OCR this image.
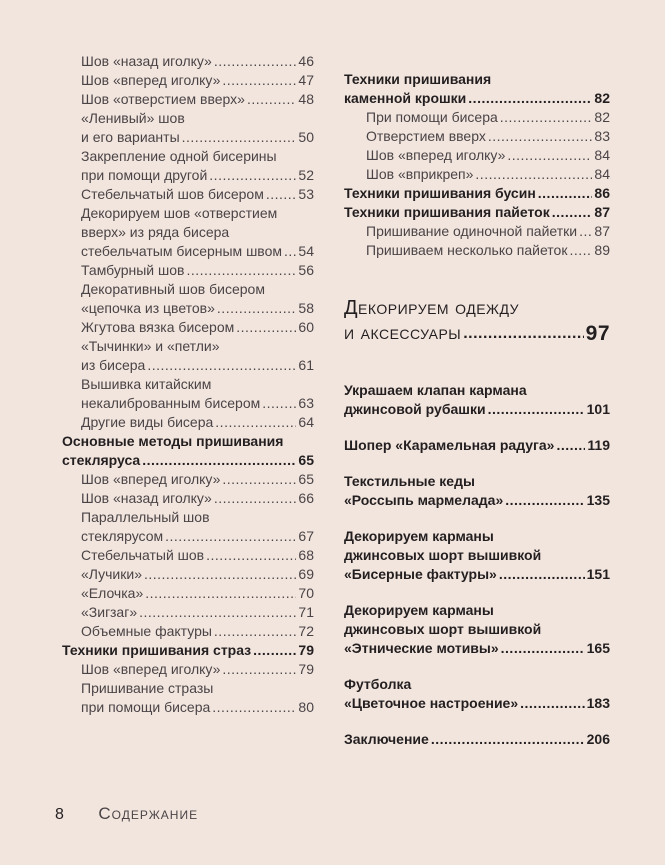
Шов «назад иголку» .....	46
Шов «вперед иголку» .....	47
Шов «отверстием вверх» .....	48
«Ленивый» шов
и его варианты .....	50
Закрепление одной бисерины
при помощи другой .....	52
Стебельчатый шов бисером ..... 53
Декорируем шов «отверстием
вверх» из ряда бисера
стебельчатым бисерным швом ..... 54
Тамбурный шов .....	56
Декоративный шов бисером
«цепочка из цветов» .....	58
Жгутова вязка бисером .....	60
«Тычинки» и «петли»
из бисера .....	61
Вышивка китайским
некалиброванным бисером .....	63
Другие виды бисера .....	64
Основные методы пришивания
стекляруса .....	65
Шов «вперед иголку» .....	65
Шов «назад иголку» .....	66
Параллельный шов
стеклярусом .....	67
Стебельчатый шов .....	68
«Лучики» .....	69
«Елочка» .....	70
«Зигзаг» .....	71
Объемные фактуры .....	72
Техники пришивания страз .....	79
Шов «вперед иголку» .....	79
Пришивание стразы
при помощи бисера .....	80
Техники пришивания
каменной крошки .....	82
При помощи бисера .....	82
Отверстием вверх .....	83
Шов «вперед иголку» .....	84
Шов «вприкреп» .....	84
Техники пришивания бусин .....	86
Техники пришивания пайеток .....	87
Пришивание одиночной пайетки ..... 87
Пришиваем несколько пайеток ..... 89
Декорируем одежду
и аксессуары .....	97
Украшаем клапан кармана
джинсовой рубашки .....	101
Шопер «Карамельная радуга» ..... 119
Текстильные кеды
«Россыпь мармелада» .....	135
Декорируем карманы
джинсовых шорт вышивкой
«Бисерные фактуры» .....	151
Декорируем карманы
джинсовых шорт вышивкой
«Этнические мотивы» .....	165
Футболка
«Цветочное настроение» .....	183
Заключение .....	206
8 Содержание
